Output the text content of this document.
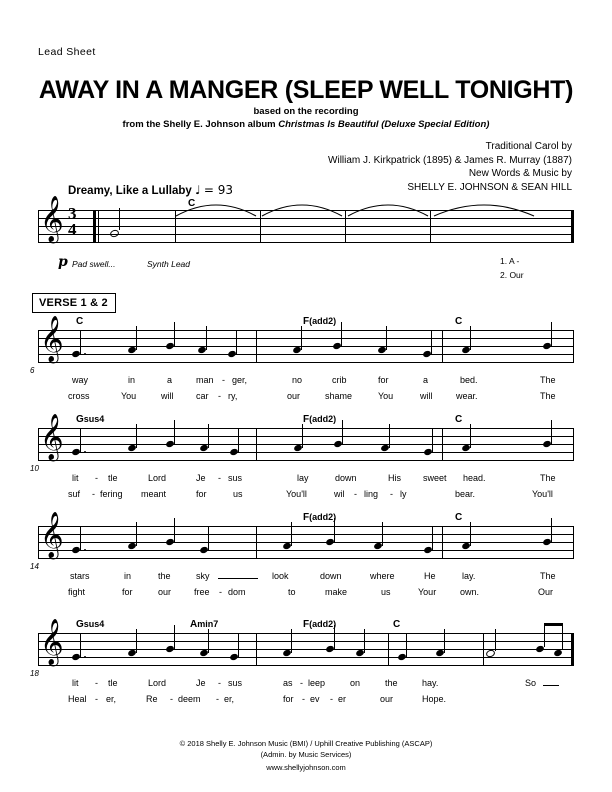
Lead Sheet
AWAY IN A MANGER (SLEEP WELL TONIGHT)
based on the recording
from the Shelly E. Johnson album Christmas Is Beautiful (Deluxe Special Edition)
Traditional Carol by
William J. Kirkpatrick (1895) & James R. Murray (1887)
New Words & Music by
SHELLY E. JOHNSON & SEAN HILL
Dreamy, Like a Lullaby ♩ = 93
𝄞 3
4
C
p Pad swell...	Synth Lead	1. A -
2. Our
VERSE 1 & 2
𝄞
6
C	F(add2)	C
way	in	a	man - ger,	no	crib	for	a	bed.	The
cross	You	will	car - ry,	our	shame	You	will	wear.	The
𝄞
10
Gsus4	F(add2)	C
lit - tle	Lord	Je - sus	lay	down	His sweet head.	The
suf - fering meant	for	us	You'll	wil - ling - ly	bear.	You'll
𝄞
14
F(add2)	C
stars	in	the	sky	look	down	where	He	lay.	The
fight	for	our	free - dom	to	make	us	Your	own.	Our
𝄞
18
Gsus4	Amin7	F(add2)	C
lit - tle	Lord	Je - sus	as - leep	on	the	hay.	So
Heal - er,	Re - deem - er,	for - ev - er	our	Hope.
© 2018 Shelly E. Johnson Music (BMI) / Uphill Creative Publishing (ASCAP)
(Admin. by Music Services)
www.shellyjohnson.com
